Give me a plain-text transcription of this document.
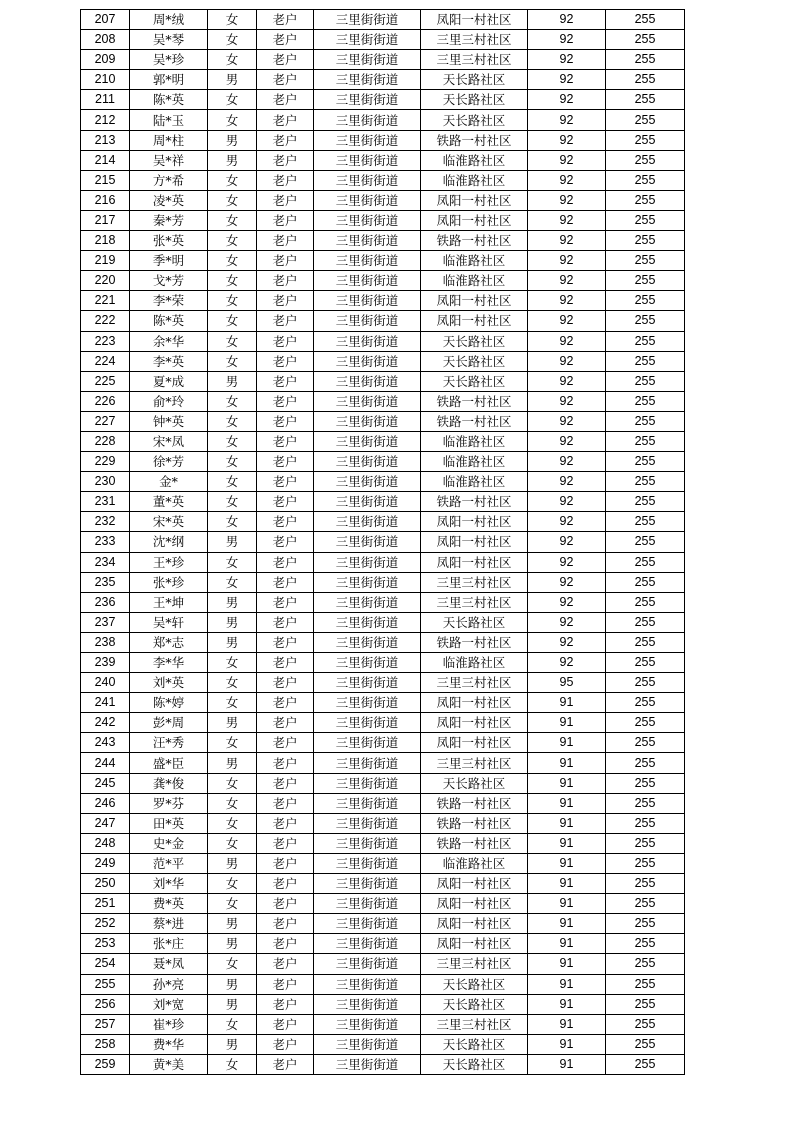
207	周*绒	女	老户	三里街街道	凤阳一村社区	92	255
208	吴*琴	女	老户	三里街街道	三里三村社区	92	255
209	吴*珍	女	老户	三里街街道	三里三村社区	92	255
210	郭*明	男	老户	三里街街道	天长路社区	92	255
211	陈*英	女	老户	三里街街道	天长路社区	92	255
212	陆*玉	女	老户	三里街街道	天长路社区	92	255
213	周*柱	男	老户	三里街街道	铁路一村社区	92	255
214	吴*祥	男	老户	三里街街道	临淮路社区	92	255
215	方*希	女	老户	三里街街道	临淮路社区	92	255
216	凌*英	女	老户	三里街街道	凤阳一村社区	92	255
217	秦*芳	女	老户	三里街街道	凤阳一村社区	92	255
218	张*英	女	老户	三里街街道	铁路一村社区	92	255
219	季*明	女	老户	三里街街道	临淮路社区	92	255
220	戈*芳	女	老户	三里街街道	临淮路社区	92	255
221	李*荣	女	老户	三里街街道	凤阳一村社区	92	255
222	陈*英	女	老户	三里街街道	凤阳一村社区	92	255
223	余*华	女	老户	三里街街道	天长路社区	92	255
224	李*英	女	老户	三里街街道	天长路社区	92	255
225	夏*成	男	老户	三里街街道	天长路社区	92	255
226	俞*玲	女	老户	三里街街道	铁路一村社区	92	255
227	钟*英	女	老户	三里街街道	铁路一村社区	92	255
228	宋*凤	女	老户	三里街街道	临淮路社区	92	255
229	徐*芳	女	老户	三里街街道	临淮路社区	92	255
230	金*	女	老户	三里街街道	临淮路社区	92	255
231	董*英	女	老户	三里街街道	铁路一村社区	92	255
232	宋*英	女	老户	三里街街道	凤阳一村社区	92	255
233	沈*纲	男	老户	三里街街道	凤阳一村社区	92	255
234	王*珍	女	老户	三里街街道	凤阳一村社区	92	255
235	张*珍	女	老户	三里街街道	三里三村社区	92	255
236	王*坤	男	老户	三里街街道	三里三村社区	92	255
237	吴*轩	男	老户	三里街街道	天长路社区	92	255
238	郑*志	男	老户	三里街街道	铁路一村社区	92	255
239	李*华	女	老户	三里街街道	临淮路社区	92	255
240	刘*英	女	老户	三里街街道	三里三村社区	95	255
241	陈*婷	女	老户	三里街街道	凤阳一村社区	91	255
242	彭*周	男	老户	三里街街道	凤阳一村社区	91	255
243	汪*秀	女	老户	三里街街道	凤阳一村社区	91	255
244	盛*臣	男	老户	三里街街道	三里三村社区	91	255
245	龚*俊	女	老户	三里街街道	天长路社区	91	255
246	罗*芬	女	老户	三里街街道	铁路一村社区	91	255
247	田*英	女	老户	三里街街道	铁路一村社区	91	255
248	史*金	女	老户	三里街街道	铁路一村社区	91	255
249	范*平	男	老户	三里街街道	临淮路社区	91	255
250	刘*华	女	老户	三里街街道	凤阳一村社区	91	255
251	费*英	女	老户	三里街街道	凤阳一村社区	91	255
252	蔡*进	男	老户	三里街街道	凤阳一村社区	91	255
253	张*庄	男	老户	三里街街道	凤阳一村社区	91	255
254	聂*凤	女	老户	三里街街道	三里三村社区	91	255
255	孙*亮	男	老户	三里街街道	天长路社区	91	255
256	刘*宽	男	老户	三里街街道	天长路社区	91	255
257	崔*珍	女	老户	三里街街道	三里三村社区	91	255
258	费*华	男	老户	三里街街道	天长路社区	91	255
259	黄*美	女	老户	三里街街道	天长路社区	91	255
